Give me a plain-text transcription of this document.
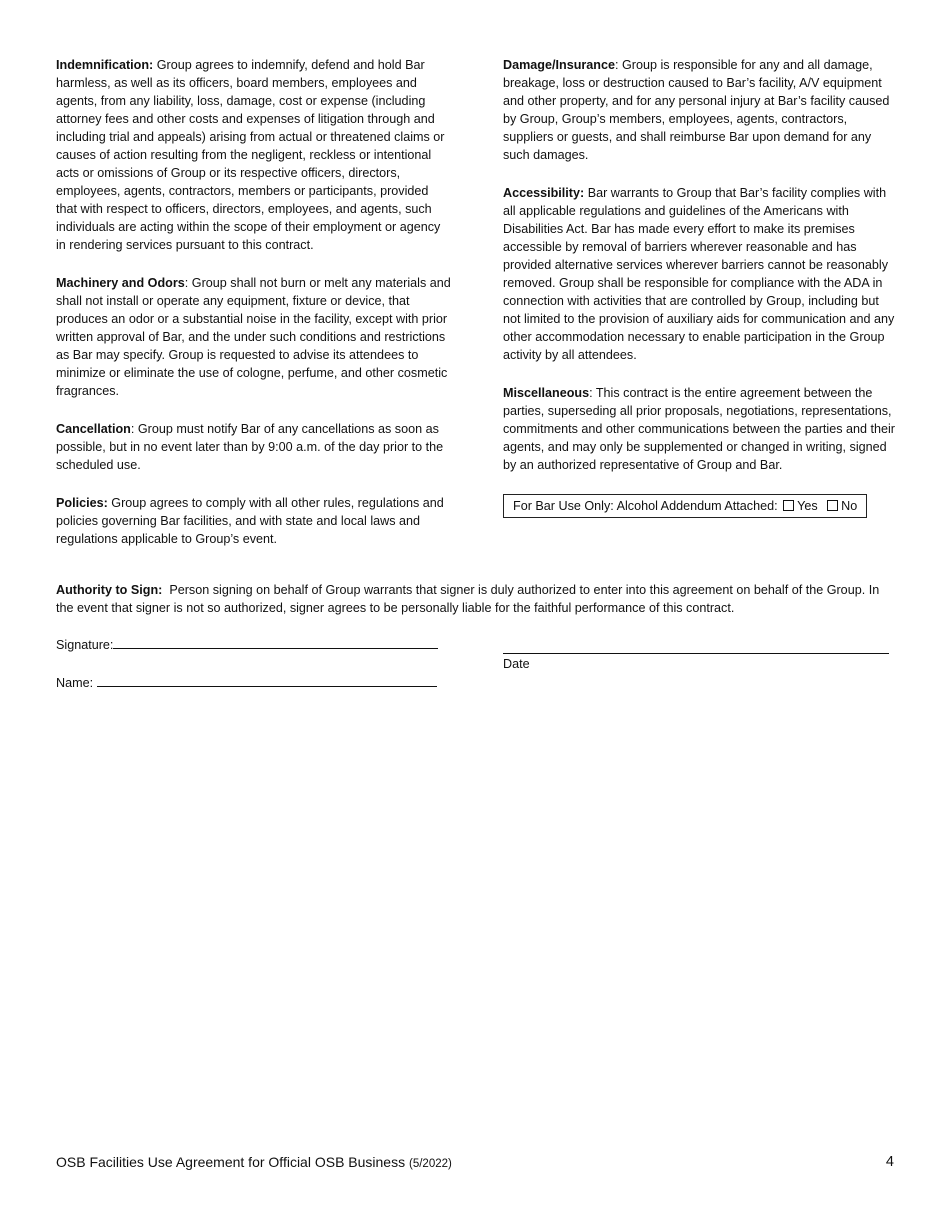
Indemnification: Group agrees to indemnify, defend and hold Bar harmless, as well as its officers, board members, employees and agents, from any liability, loss, damage, cost or expense (including attorney fees and other costs and expenses of litigation through and including trial and appeals) arising from actual or threatened claims or causes of action resulting from the negligent, reckless or intentional acts or omissions of Group or its respective officers, directors, employees, agents, contractors, members or participants, provided that with respect to officers, directors, employees, and agents, such individuals are acting within the scope of their employment or agency in rendering services pursuant to this contract.

Machinery and Odors: Group shall not burn or melt any materials and shall not install or operate any equipment, fixture or device, that produces an odor or a substantial noise in the facility, except with prior written approval of Bar, and the under such conditions and restrictions as Bar may specify. Group is requested to advise its attendees to minimize or eliminate the use of cologne, perfume, and other cosmetic fragrances.

Cancellation: Group must notify Bar of any cancellations as soon as possible, but in no event later than by 9:00 a.m. of the day prior to the scheduled use.

Policies: Group agrees to comply with all other rules, regulations and policies governing Bar facilities, and with state and local laws and regulations applicable to Group’s event.

Damage/Insurance: Group is responsible for any and all damage, breakage, loss or destruction caused to Bar’s facility, A/V equipment and other property, and for any personal injury at Bar’s facility caused by Group, Group’s members, employees, agents, contractors, suppliers or guests, and shall reimburse Bar upon demand for any such damages.

Accessibility: Bar warrants to Group that Bar’s facility complies with all applicable regulations and guidelines of the Americans with Disabilities Act. Bar has made every effort to make its premises accessible by removal of barriers wherever reasonable and has provided alternative services wherever barriers cannot be reasonably removed. Group shall be responsible for compliance with the ADA in connection with activities that are controlled by Group, including but not limited to the provision of auxiliary aids for communication and any other accommodation necessary to enable participation in the Group activity by all attendees.

Miscellaneous: This contract is the entire agreement between the parties, superseding all prior proposals, negotiations, representations, commitments and other communications between the parties and their agents, and may only be supplemented or changed in writing, signed by an authorized representative of Group and Bar.

For Bar Use Only: Alcohol Addendum Attached: Yes No

Authority to Sign:  Person signing on behalf of Group warrants that signer is duly authorized to enter into this agreement on behalf of the Group. In the event that signer is not so authorized, signer agrees to be personally liable for the faithful performance of this contract.

Signature:
Date
Name:
OSB Facilities Use Agreement for Official OSB Business (5/2022)	4
